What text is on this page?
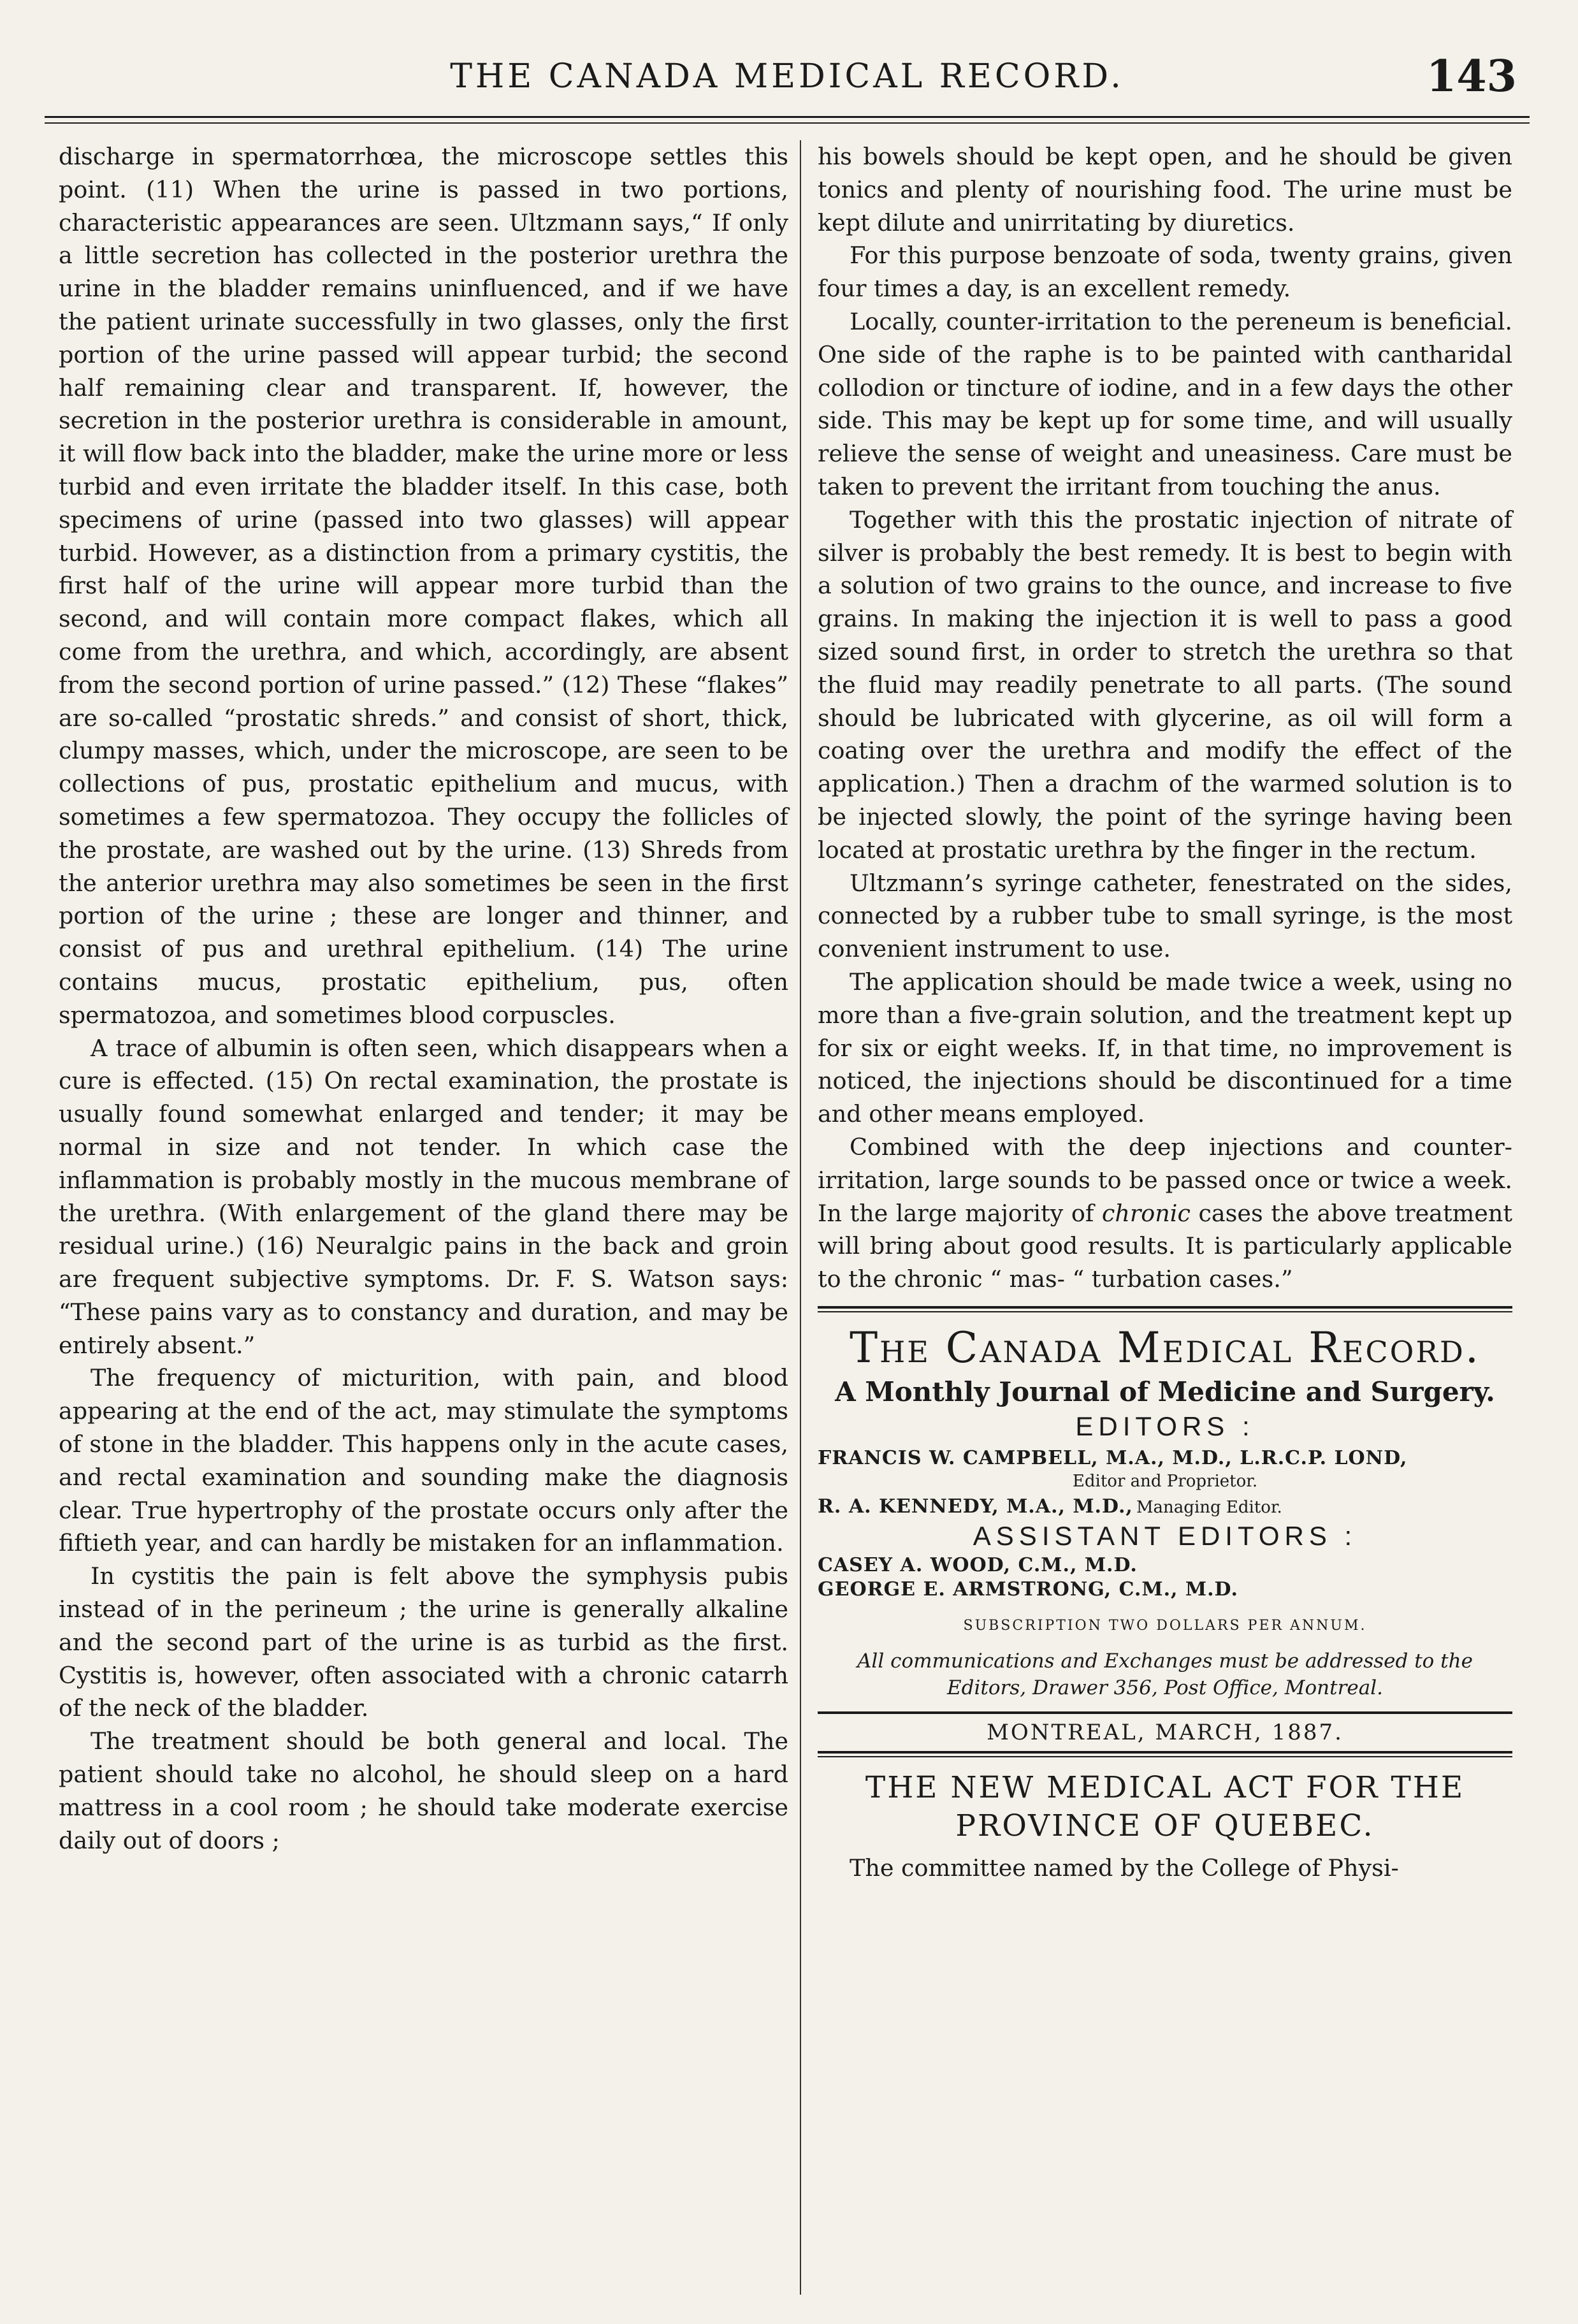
THE CANADA MEDICAL RECORD.	143

discharge in spermatorrhœa, the microscope settles this point. (11) When the urine is passed in two portions, characteristic appearances are seen. Ultzmann says,“ If only a little secretion has collected in the posterior urethra the urine in the bladder remains uninfluenced, and if we have the patient urinate successfully in two glasses, only the first portion of the urine passed will appear turbid; the second half remaining clear and transparent. If, however, the secretion in the posterior urethra is considerable in amount, it will flow back into the bladder, make the urine more or less turbid and even irritate the bladder itself. In this case, both specimens of urine (passed into two glasses) will appear turbid. However, as a distinction from a primary cystitis, the first half of the urine will appear more turbid than the second, and will contain more compact flakes, which all come from the urethra, and which, accordingly, are absent from the second portion of urine passed.” (12) These “flakes” are so-called “prostatic shreds.” and consist of short, thick, clumpy masses, which, under the microscope, are seen to be collections of pus, prostatic epithelium and mucus, with sometimes a few spermatozoa. They occupy the follicles of the prostate, are washed out by the urine. (13) Shreds from the anterior urethra may also sometimes be seen in the first portion of the urine ; these are longer and thinner, and consist of pus and urethral epithelium. (14) The urine contains mucus, prostatic epithelium, pus, often spermatozoa, and sometimes blood corpuscles.

A trace of albumin is often seen, which disappears when a cure is effected. (15) On rectal examination, the prostate is usually found somewhat enlarged and tender; it may be normal in size and not tender. In which case the inflammation is probably mostly in the mucous membrane of the urethra. (With enlargement of the gland there may be residual urine.) (16) Neuralgic pains in the back and groin are frequent subjective symptoms. Dr. F. S. Watson says: “These pains vary as to constancy and duration, and may be entirely absent.”

The frequency of micturition, with pain, and blood appearing at the end of the act, may stimulate the symptoms of stone in the bladder. This happens only in the acute cases, and rectal examination and sounding make the diagnosis clear. True hypertrophy of the prostate occurs only after the fiftieth year, and can hardly be mistaken for an inflammation.

In cystitis the pain is felt above the symphysis pubis instead of in the perineum ; the urine is generally alkaline and the second part of the urine is as turbid as the first. Cystitis is, however, often associated with a chronic catarrh of the neck of the bladder.

The treatment should be both general and local. The patient should take no alcohol, he should sleep on a hard mattress in a cool room ; he should take moderate exercise daily out of doors ;

his bowels should be kept open, and he should be given tonics and plenty of nourishing food. The urine must be kept dilute and unirritating by diuretics.

For this purpose benzoate of soda, twenty grains, given four times a day, is an excellent remedy.

Locally, counter-irritation to the pereneum is beneficial. One side of the raphe is to be painted with cantharidal collodion or tincture of iodine, and in a few days the other side. This may be kept up for some time, and will usually relieve the sense of weight and uneasiness. Care must be taken to prevent the irritant from touching the anus.

Together with this the prostatic injection of nitrate of silver is probably the best remedy. It is best to begin with a solution of two grains to the ounce, and increase to five grains. In making the injection it is well to pass a good sized sound first, in order to stretch the urethra so that the fluid may readily penetrate to all parts. (The sound should be lubricated with glycerine, as oil will form a coating over the urethra and modify the effect of the application.) Then a drachm of the warmed solution is to be injected slowly, the point of the syringe having been located at prostatic urethra by the finger in the rectum.

Ultzmann’s syringe catheter, fenestrated on the sides, connected by a rubber tube to small syringe, is the most convenient instrument to use.

The application should be made twice a week, using no more than a five-grain solution, and the treatment kept up for six or eight weeks. If, in that time, no improvement is noticed, the injections should be discontinued for a time and other means employed.

Combined with the deep injections and counter-irritation, large sounds to be passed once or twice a week. In the large majority of chronic cases the above treatment will bring about good results. It is particularly applicable to the chronic “ mas- “ turbation cases.”

The Canada Medical Record.
A Monthly Journal of Medicine and Surgery.
EDITORS :
FRANCIS W. CAMPBELL, M.A., M.D., L.R.C.P. LOND,
Editor and Proprietor.
R. A. KENNEDY, M.A., M.D., Managing Editor.
ASSISTANT EDITORS :
CASEY A. WOOD, C.M., M.D.
GEORGE E. ARMSTRONG, C.M., M.D.
SUBSCRIPTION TWO DOLLARS PER ANNUM.
All communications and Exchanges must be addressed to the Editors, Drawer 356, Post Office, Montreal.
MONTREAL, MARCH, 1887.
THE NEW MEDICAL ACT FOR THE
PROVINCE OF QUEBEC.

The committee named by the College of Physi-
